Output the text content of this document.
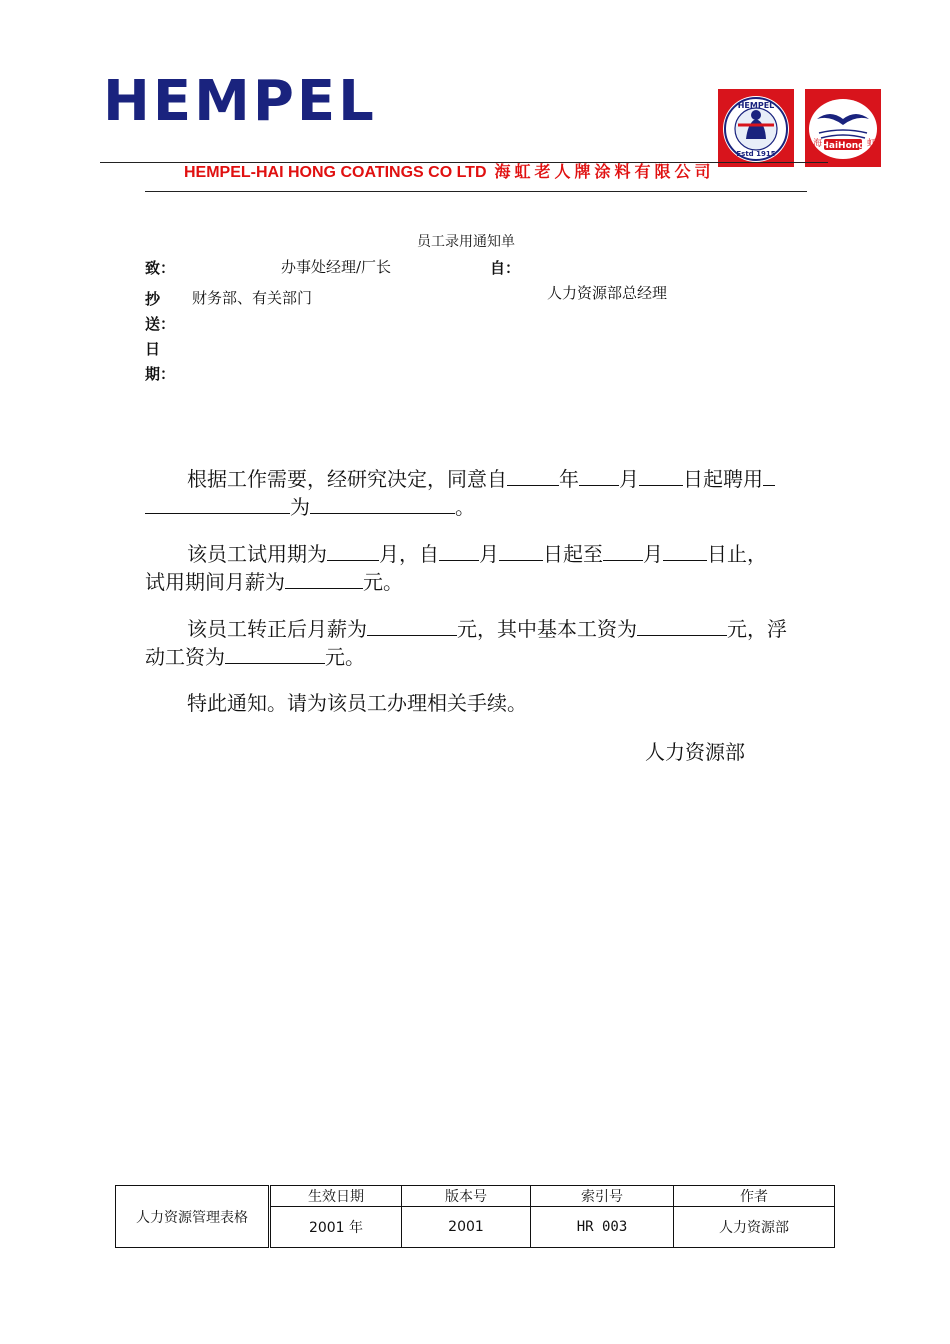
HEMPEL	HEMPEL
Estd 1915
海	虹
HaiHong
HEMPEL-HAI HONG COATINGS CO LTD 海虹老人牌涂料有限公司
员工录用通知单
致：	办事处经理/厂长	自：
人力资源部总经理
抄 财务部、有关部门
送：
日
期：
根据工作需要，经研究决定，同意自	年 月 日起聘用
为	。
该员工试用期为	月，自 月 日起至 月 日止，
试用期间月薪为	元。
该员工转正后月薪为	元，其中基本工资为	元，浮
动工资为	元。
特此通知。请为该员工办理相关手续。
人力资源部
人力资源管理表格	生效日期	版本号	索引号	作者
	2001 年	2001	HR 003	人力资源部
